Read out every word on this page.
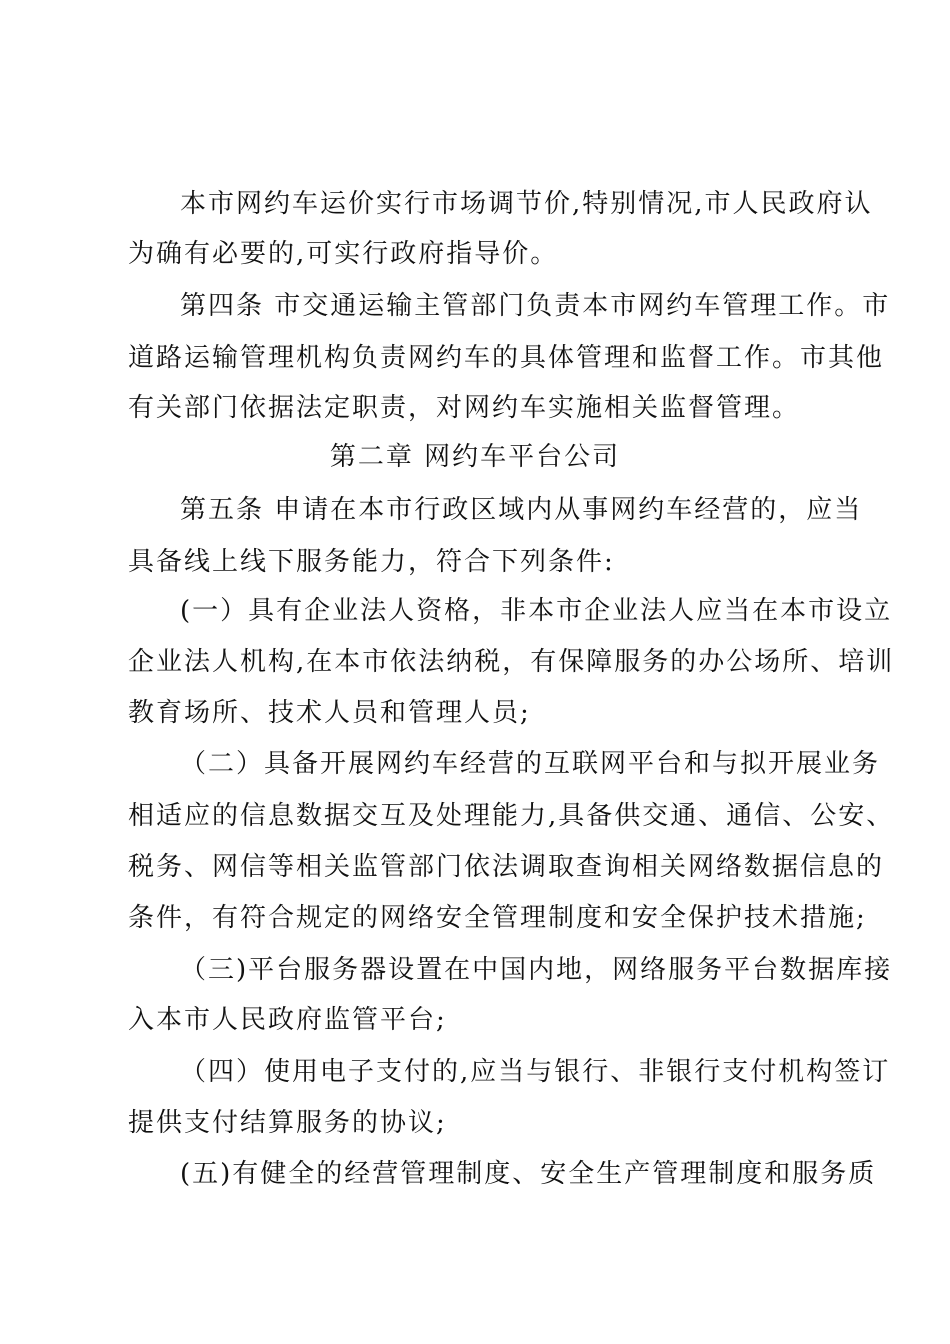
本市网约车运价实行市场调节价,特别情况,市人民政府认
为确有必要的,可实行政府指导价。
第四条 市交通运输主管部门负责本市网约车管理工作。市
道路运输管理机构负责网约车的具体管理和监督工作。市其他
有关部门依据法定职责，对网约车实施相关监督管理。
第二章 网约车平台公司
第五条 申请在本市行政区域内从事网约车经营的，应当
具备线上线下服务能力，符合下列条件:
(一）具有企业法人资格，非本市企业法人应当在本市设立
企业法人机构,在本市依法纳税，有保障服务的办公场所、培训
教育场所、技术人员和管理人员;
（二）具备开展网约车经营的互联网平台和与拟开展业务
相适应的信息数据交互及处理能力,具备供交通、通信、公安、
税务、网信等相关监管部门依法调取查询相关网络数据信息的
条件，有符合规定的网络安全管理制度和安全保护技术措施;
（三)平台服务器设置在中国内地，网络服务平台数据库接
入本市人民政府监管平台;
（四）使用电子支付的,应当与银行、非银行支付机构签订
提供支付结算服务的协议;
(五)有健全的经营管理制度、安全生产管理制度和服务质
